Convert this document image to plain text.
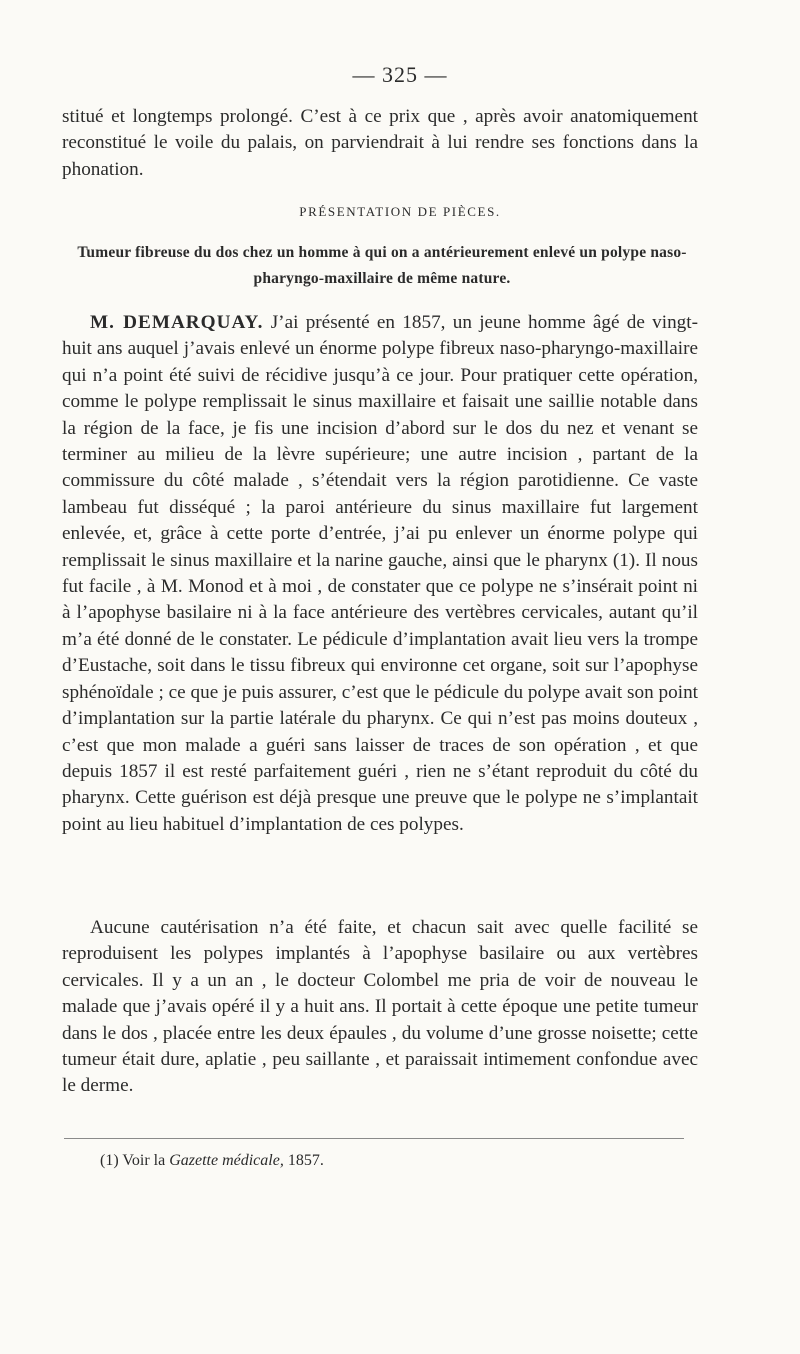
— 325 —

stitué et longtemps prolongé. C’est à ce prix que , après avoir anatomiquement reconstitué le voile du palais, on parviendrait à lui rendre ses fonctions dans la phonation.

PRÉSENTATION DE PIÈCES.

Tumeur fibreuse du dos chez un homme à qui on a antérieurement enlevé un polype naso-pharyngo-maxillaire de même nature.

M. DEMARQUAY. J’ai présenté en 1857, un jeune homme âgé de vingt-huit ans auquel j’avais enlevé un énorme polype fibreux naso-pharyngo-maxillaire qui n’a point été suivi de récidive jusqu’à ce jour. Pour pratiquer cette opération, comme le polype remplissait le sinus maxillaire et faisait une saillie notable dans la région de la face, je fis une incision d’abord sur le dos du nez et venant se terminer au milieu de la lèvre supérieure; une autre incision , partant de la commissure du côté malade , s’étendait vers la région parotidienne. Ce vaste lambeau fut disséqué ; la paroi antérieure du sinus maxillaire fut largement enlevée, et, grâce à cette porte d’entrée, j’ai pu enlever un énorme polype qui remplissait le sinus maxillaire et la narine gauche, ainsi que le pharynx (1). Il nous fut facile , à M. Monod et à moi , de constater que ce polype ne s’insérait point ni à l’apophyse basilaire ni à la face antérieure des vertèbres cervicales, autant qu’il m’a été donné de le constater. Le pédicule d’implantation avait lieu vers la trompe d’Eustache, soit dans le tissu fibreux qui environne cet organe, soit sur l’apophyse sphénoïdale ; ce que je puis assurer, c’est que le pédicule du polype avait son point d’implantation sur la partie latérale du pharynx. Ce qui n’est pas moins douteux , c’est que mon malade a guéri sans laisser de traces de son opération , et que depuis 1857 il est resté parfaitement guéri , rien ne s’étant reproduit du côté du pharynx. Cette guérison est déjà presque une preuve que le polype ne s’implantait point au lieu habituel d’implantation de ces polypes.

Aucune cautérisation n’a été faite, et chacun sait avec quelle facilité se reproduisent les polypes implantés à l’apophyse basilaire ou aux vertèbres cervicales. Il y a un an , le docteur Colombel me pria de voir de nouveau le malade que j’avais opéré il y a huit ans. Il portait à cette époque une petite tumeur dans le dos , placée entre les deux épaules , du volume d’une grosse noisette; cette tumeur était dure, aplatie , peu saillante , et paraissait intimement confondue avec le derme.

(1) Voir la Gazette médicale, 1857.
